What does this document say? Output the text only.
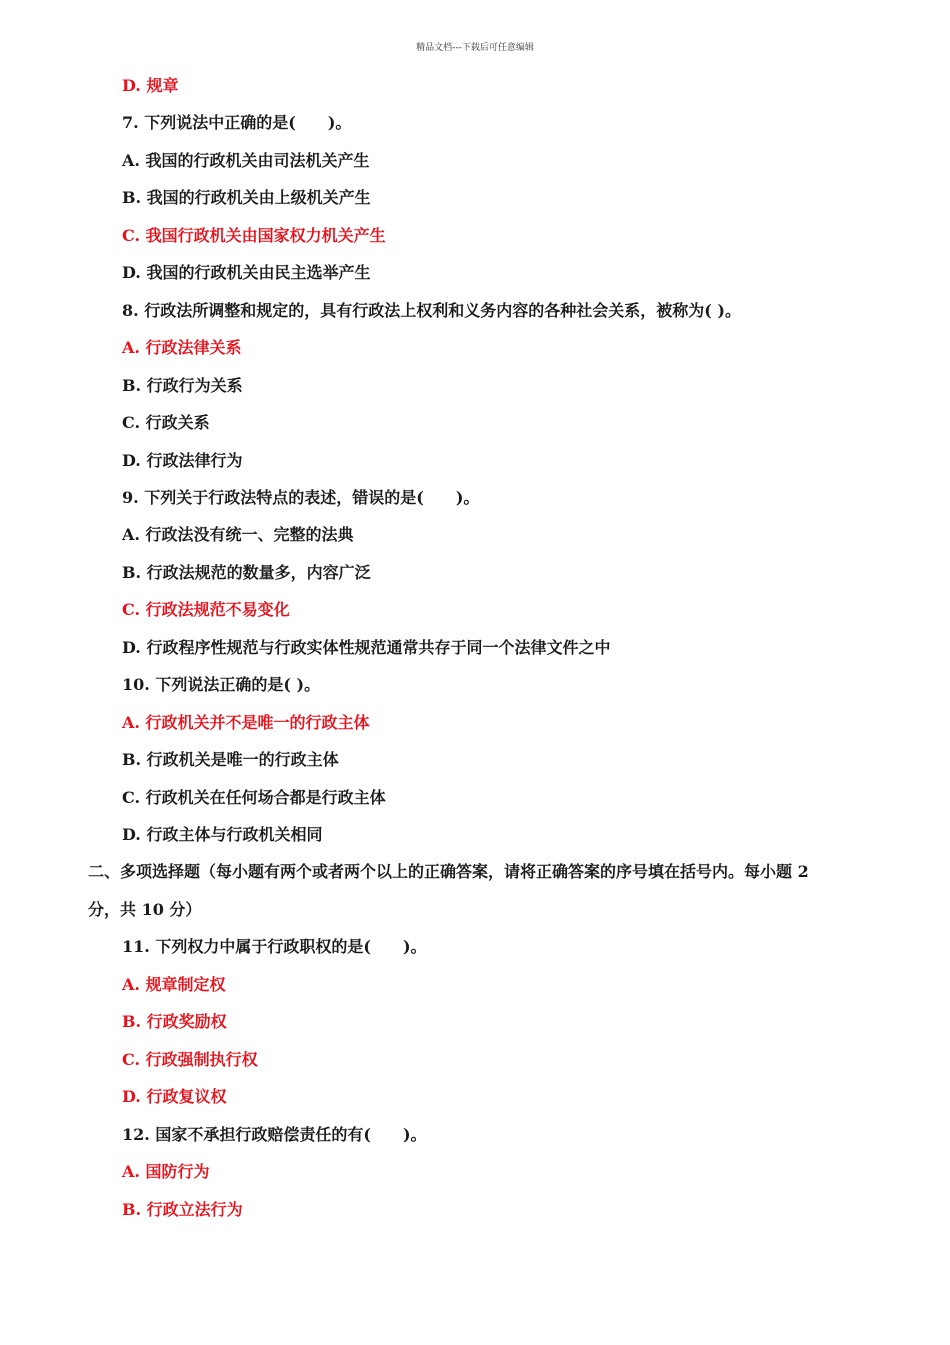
精品文档---下载后可任意编辑
D. 规章
7. 下列说法中正确的是(　　)。
A. 我国的行政机关由司法机关产生
B. 我国的行政机关由上级机关产生
C. 我国行政机关由国家权力机关产生
D. 我国的行政机关由民主选举产生
8. 行政法所调整和规定的，具有行政法上权利和义务内容的各种社会关系，被称为( )。
A. 行政法律关系
B. 行政行为关系
C. 行政关系
D. 行政法律行为
9. 下列关于行政法特点的表述，错误的是(　　)。
A. 行政法没有统一、完整的法典
B. 行政法规范的数量多，内容广泛
C. 行政法规范不易变化
D. 行政程序性规范与行政实体性规范通常共存于同一个法律文件之中
10. 下列说法正确的是( )。
A. 行政机关并不是唯一的行政主体
B. 行政机关是唯一的行政主体
C. 行政机关在任何场合都是行政主体
D. 行政主体与行政机关相同
二、多项选择题（每小题有两个或者两个以上的正确答案，请将正确答案的序号填在括号内。每小题 2
分，共 10 分）
11. 下列权力中属于行政职权的是(　　)。
A. 规章制定权
B. 行政奖励权
C. 行政强制执行权
D. 行政复议权
12. 国家不承担行政赔偿责任的有(　　)。
A. 国防行为
B. 行政立法行为
